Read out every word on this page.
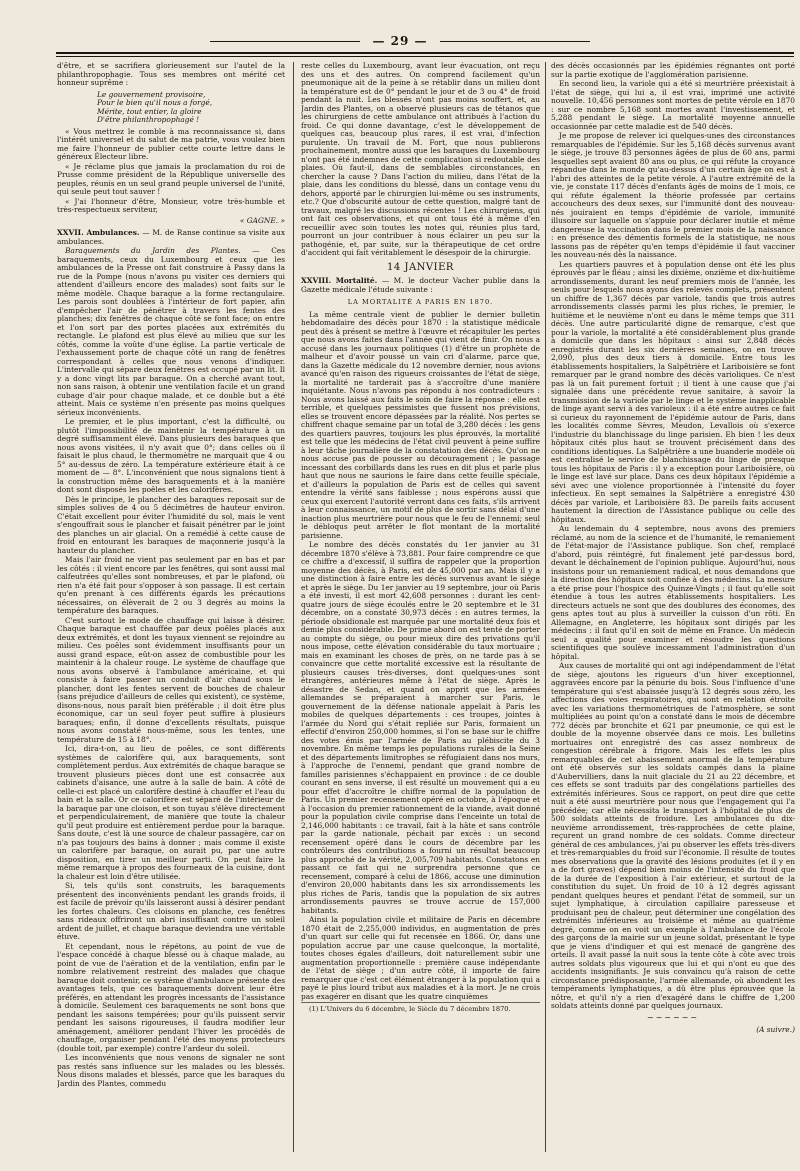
— 29 —

d'être, et se sacrifiera glorieusement sur l'autel de la philanthropophagie. Tous ses membres ont mérité cet honneur suprême :

Le gouvernement provisoire,
Pour le bien qu'il nous a forgé,
Mérite, tout entier, la gloire
D'être philanthropophagé !

« Vous mettrez le comble à ma reconnaissance si, dans l'intérêt universel et du salut de ma patrie, vous voulez bien me faire l'honneur de publier cette courte lettre dans le généreux Électeur libre.

« Je réclame plus que jamais la proclamation du roi de Prusse comme président de la République universelle des peuples, réunis en un seul grand peuple universel de l'unité, qui seule peut tout sauver !

« J'ai l'honneur d'être, Monsieur, votre très-humble et très-respectueux serviteur,

« GAGNE. »

XXVII. Ambulances. — M. de Ranse continue sa visite aux ambulances.

Baraquements du Jardin des Plantes. — Ces baraquements, ceux du Luxembourg et ceux que les ambulances de la Presse ont fait construire à Passy dans la rue de la Pompe (nous n'avons pu visiter ces derniers qui attendent d'ailleurs encore des malades) sont faits sur le même modèle. Chaque baraque a la forme rectangulaire. Les parois sont doublées à l'intérieur de fort papier, afin d'empêcher l'air de pénétrer à travers les fentes des planches; dix fenêtres de chaque côté se font face; on entre et l'on sort par des portes placées aux extrémités du rectangle. Le plafond est plus élevé au milieu que sur les côtés, comme la voûte d'une église. La partie verticale de l'exhaussement porte de chaque côté un rang de fenêtres correspondant à celles que nous venons d'indiquer. L'intervalle qui sépare deux fenêtres est occupé par un lit. Il y a donc vingt lits par baraque. On a cherché avant tout, non sans raison, à obtenir une ventilation facile et un grand cubage d'air pour chaque malade, et ce double but a été atteint. Mais ce système n'en présente pas moins quelques sérieux inconvénients.

Le premier, et le plus important, c'est la difficulté, ou plutôt l'impossibilité de maintenir la température à un degré suffisamment élevé. Dans plusieurs des baraques que nous avons visitées, il n'y avait que 0°; dans celles où il faisait le plus chaud, le thermomètre ne marquait que 4 ou 5° au-dessus de zéro. La température extérieure était à ce moment de — 8°. L'inconvénient que nous signalons tient à la construction même des baraquements et à la manière dont sont disposés les poêles et les calorifères.

Dès le principe, le plancher des baraques reposait sur de simples solives de 4 ou 5 décimètres de hauteur environ. C'était excellent pour éviter l'humidité du sol, mais le vent s'engouffrait sous le plancher et faisait pénétrer par le joint des planches un air glacial. On a remédié à cette cause de froid en entourant les baraques de maçonnerie jusqu'à la hauteur du plancher.

Mais l'air froid ne vient pas seulement par en bas et par les côtés : il vient encore par les fenêtres, qui sont aussi mal calfeutrées qu'elles sont nombreuses, et par le plafond, où rien n'a été fait pour s'opposer à son passage. Il est certain qu'en prenant à ces différents égards les précautions nécessaires, on élèverait de 2 ou 3 degrés au moins la température des baraques.

C'est surtout le mode de chauffage qui laisse à désirer. Chaque baraque est chauffée par deux poêles placés aux deux extrémités, et dont les tuyaux viennent se rejoindre au milieu. Ces poêles sont évidemment insuffisants pour un aussi grand espace, eût-on assez de combustible pour les maintenir à la chaleur rouge. Le système de chauffage que nous avons observé à l'ambulance américaine, et qui consiste à faire passer un conduit d'air chaud sous le plancher, dont les fentes servent de bouches de chaleur (sans préjudice d'ailleurs de celles qui existent), ce système, disons-nous, nous paraît bien préférable ; il doit être plus économique, car un seul foyer peut suffire à plusieurs baraques; enfin, il donne d'excellents résultats, puisque nous avons constaté nous-même, sous les tentes, une température de 15 à 18°.

Ici, dira-t-on, au lieu de poêles, ce sont différents systèmes de calorifère qui, aux baraquements, sont complètement perdus. Aux extrémités de chaque baraque se trouvent plusieurs pièces dont une est consacrée aux cabinets d'aisance, une autre à la salle de bain. A côté de celle-ci est placé un calorifère destiné à chauffer et l'eau du bain et la salle. Or ce calorifère est séparé de l'intérieur de la baraque par une cloison, et son tuyau s'élève directement et perpendiculairement, de manière que toute la chaleur qu'il peut produire est entièrement perdue pour la baraque. Sans doute, c'est là une source de chaleur passagère, car on n'a pas toujours des bains à donner ; mais comme il existe un calorifère par baraque, on aurait pu, par une autre disposition, en tirer un meilleur parti. On peut faire la même remarque à propos des fourneaux de la cuisine, dont la chaleur est loin d'être utilisée.

Si, tels qu'ils sont construits, les baraquements présentent des inconvénients pendant les grands froids, il est facile de prévoir qu'ils laisseront aussi à désirer pendant les fortes chaleurs. Ces cloisons en planche, ces fenêtres sans rideaux offriront un abri insuffisant contre un soleil ardent de juillet, et chaque baraque deviendra une véritable étuve.

Et cependant, nous le répétons, au point de vue de l'espace concédé à chaque blessé ou à chaque malade, au point de vue de l'aération et de la ventilation, enfin par le nombre relativement restreint des malades que chaque baraque doit contenir, ce système d'ambulance présente des avantages tels, que ces baraquements doivent leur être préférés, en attendant les progrès incessants de l'assistance à domicile. Seulement ces baraquements ne sont bons que pendant les saisons tempérées; pour qu'ils puissent servir pendant les saisons rigoureuses, il faudra modifier leur aménagement, améliorer pendant l'hiver les procédés de chauffage, organiser pendant l'été des moyens protecteurs (double toit, par exemple) contre l'ardeur du soleil.

Les inconvénients que nous venons de signaler ne sont pas restés sans influence sur les malades ou les blessés. Nous disons malades et blessés, parce que les baraques du Jardin des Plantes, commedu

reste celles du Luxembourg, avant leur évacuation, ont reçu des uns et des autres. On comprend facilement qu'un pneumonique ait de la peine à se rétablir dans un milieu dont la température est de 0° pendant le jour et de 3 ou 4° de froid pendant la nuit. Les blessés n'ont pas moins souffert, et, au Jardin des Plantes, on a observé plusieurs cas de tétanos que les chirurgiens de cette ambulance ont attribués à l'action du froid. Ce qui donne davantage, c'est le développement de quelques cas, beaucoup plus rares, il est vrai, d'infection purulente. Un travail de M. Fort, que nous publierons prochainement, montre aussi que les baraques du Luxembourg n'ont pas été indemnes de cette complication si redoutable des plaies. Où faut-il, dans de semblables circonstances, en chercher la cause ? Dans l'action du milieu, dans l'état de la plaie, dans les conditions du blessé, dans un contage venu du dehors, apporté par le chirurgien lui-même ou ses instruments, etc.? Que d'obscurité autour de cette question, malgré tant de travaux, malgré les discussions récentes ! Les chirurgiens, qui ont fait ces observations, et qui ont tous été à même d'en recueillir avec soin toutes les notes qui, réunies plus tard, pourront un jour contribuer à nous éclairer un peu sur la pathogénie, et, par suite, sur la thérapeutique de cet ordre d'accident qui fait véritablement le désespoir de la chirurgie.

14 JANVIER

XXVIII. Mortalité. — M. le docteur Vacher publie dans la Gazette médicale l'étude suivante :

LA MORTALITÉ A PARIS EN 1870.

La même centrale vient de publier le dernier bulletin hebdomadaire des décès pour 1870 : la statistique médicale peut dès à présent se mettre à l'œuvre et récapituler les pertes que nous avons faites dans l'année qui vient de finir. On nous a accusé dans les journaux politiques (1) d'être un prophète de malheur et d'avoir poussé un vain cri d'alarme, parce que, dans la Gazette médicale du 12 novembre dernier, nous avions avancé qu'en raison des rigueurs croissantes de l'état de siège, la mortalité ne tarderait pas à s'accroître d'une manière inquiétante. Nous n'avons pas répondu à nos contradicteurs : Nous avons laissé aux faits le soin de faire la réponse : elle est terrible, et quelques pessimistes que fussent nos prévisions, elles se trouvent encore dépassées par la réalité. Nos pertes se chiffrent chaque semaine par un total de 3,280 décès : les gens des quartiers pauvres, toujours les plus éprouvés, la mortalité est telle que les médecins de l'état civil peuvent à peine suffire à leur tâche journalière de la constatation des décès. Qu'on ne nous accuse pas de pousser au découragement ; le passage incessant des corbillards dans les rues en dit plus et parle plus haut que nous ne saurions le faire dans cette feuille spéciale, et d'ailleurs la population de Paris est de celles qui savent entendre la vérité sans faiblesse ; nous espérons aussi que ceux qui exercent l'autorité verront dans ces faits, s'ils arrivent à leur connaissance, un motif de plus de sortir sans délai d'une inaction plus meurtrière pour nous que le feu de l'ennemi; seul le débloqus peut arrêter le flot montant de la mortalité parisienne.

Le nombre des décès constatés du 1er janvier au 31 décembre 1870 s'élève à 73,881. Pour faire comprendre ce que ce chiffre a d'excessif, il suffira de rappeler que la proportion moyenne des décès, à Paris, est de 45,000 par an. Mais il y a une distinction à faire entre les décès survenus avant le siège et après le siège. Du 1er janvier au 19 septembre, jour où Paris a été investi, il est mort 42,608 personnes : durant les cent-quatre jours de siège écoulés entre le 20 septembre et le 31 décembre, on a constaté 30,973 décès : en autres termes, la période obsidionale est marquée par une mortalité deux fois et demie plus considérable. De prime abord on est tenté de porter au compte du siège, ou pour mieux dire des privations qu'il nous impose, cette élévation considérable du taux mortuaire ; mais en examinant les choses de près, on ne tarde pas à se convaincre que cette mortalité excessive est la résultante de plusieurs causes très-diverses, dont quelques-unes sont étrangères, antérieures même à l'état de siège. Après le désastre de Sedan, et quand on apprit que les armées allemandes se préparaient à marcher sur Paris, le gouvernement de la défense nationale appelait à Paris les mobiles de quelques départements : ces troupes, jointes à l'armée du Nord qui s'était repliée sur Paris, formaient un effectif d'environ 250,000 hommes, si l'on se base sur le chiffre des votes émis par l'armée de Paris au plébiscite du 3 novembre. En même temps les populations rurales de la Seine et des départements limitrophes se réfugiaient dans nos murs, à l'approche de l'ennemi, pendant que grand nombre de familles parisiennes s'échappaient en province : de ce double courant en sens inverse, il est résulté un mouvement qui a eu pour effet d'accroître le chiffre normal de la population de Paris. Un premier recensement opéré en octobre, à l'époque et à l'occasion du premier rationnement de la viande, avait donné pour la population civile comprise dans l'enceinte un total de 2,146,000 habitants : ce travail, fait à la hâte et sans contrôle par la garde nationale, péchait par excès : un second recensement opéré dans le cours de décembre par les contrôleurs des contributions a fourni un résultat beaucoup plus approché de la vérité, 2,005,709 habitants. Constatons en passant ce fait qui ne surprendra personne que ce recensement, comparé à celui de 1866, accuse une diminution d'environ 20,000 habitants dans les six arrondissements les plus riches de Paris, tandis que la population de six autres arrondissements pauvres se trouve accrue de 157,000 habitants.

Ainsi la population civile et militaire de Paris en décembre 1870 était de 2,255,000 individus, en augmentation de près d'un quart sur celle qui fut recensée en 1866. Or, dans une population accrue par une cause quelconque, la mortalité, toutes choses égales d'ailleurs, doit naturellement subir une augmentation proportionnelle : première cause indépendante de l'état de siège ; d'un autre côté, il importe de faire remarquer que c'est cet élément étranger à la population qui a payé le plus lourd tribut aux maladies et à la mort. Je ne crois pas exagérer en disant que les quatre cinquièmes

(1) L'Univers du 6 décembre, le Siècle du 7 décembre 1870.

des décès occasionnés par les épidémies régnantes ont porté sur la partie exotique de l'agglomération parisienne.

En second lieu, la variole qui a été si meurtrière préexistait à l'état de siège, qui lui a, il est vrai, imprimé une activité nouvelle. 10,456 personnes sont mortes de petite vérole en 1870 : sur ce nombre 5,168 sont mortes avant l'investissement, et 5,288 pendant le siège. La mortalité moyenne annuelle occasionnée par cette maladie est de 540 décès.

Je me propose de relever ici quelques-unes des circonstances remarquables de l'épidémie. Sur les 5,168 décès survenus avant le siège, je trouve 83 personnes âgées de plus de 60 ans, parmi lesquelles sept avaient 80 ans ou plus, ce qui réfute la croyance répandue dans le monde qu'au-dessus d'un certain âge on est à l'abri des atteintes de la petite vérole. A l'autre extrémité de la vie, je constate 117 décès d'enfants âgés de moins de 1 mois, ce qui réfute également la théorie professée par certains accoucheurs des deux sexes, sur l'immunité dont des nouveau-nés jouiraient en temps d'épidémie de variole, immunité illusoire sur laquelle on s'appuie pour déclarer inutile et même dangereuse la vaccination dans le premier mois de la naissance : en présence des démentis formels de la statistique, ne nous lassons pas de répéter qu'en temps d'épidémie il faut vacciner les nouveau-nés dès la naissance.

Les quartiers pauvres et à population dense ont été les plus éprouvés par le fléau ; ainsi les dixième, onzième et dix-huitième arrondissements, durant les neuf premiers mois de l'année, les seuls pour lesquels nous ayons des relevés complets, présentent un chiffre de 1,367 décès par variole, tandis que trois autres arrondissements classés parmi les plus riches, le premier, le huitième et le neuvième n'ont eu dans le même temps que 311 décès. Une autre particularité digne de remarque, c'est que pour la variole, la mortalité a été considérablement plus grande à domicile que dans les hôpitaux : ainsi sur 2,848 décès enregistrés durant les six dernières semaines, on en trouve 2,090, plus des deux tiers à domicile. Entre tous les établissements hospitaliers, la Salpêtrière et Lariboisière se font remarquer par le grand nombre des décès varioliques. Ce n'est pas là un fait purement fortuit ; il tient à une cause que j'ai signalée dans une précédente revue sanitaire, à savoir la transmission de la variole par le linge et le système inapplicable de linge ayant servi à des varioleux : il a été entre autres ce fait si curieux du rayonnement de l'épidémie autour de Paris, dans les localités comme Sèvres, Meudon, Levallois où s'exerce l'industrie du blanchissage du linge parisien. Eh bien ! les deux hôpitaux cités plus haut se trouvent précisément dans des conditions identiques. La Salpêtrière a une buanderie modèle où est centralisé le service de blanchissage du linge de presque tous les hôpitaux de Paris : il y a exception pour Lariboisière, où le linge est lavé sur place. Dans ces deux hôpitaux l'épidémie a sévi avec une violence proportionnée à l'intensité du foyer infectieux. En sept semaines la Salpêtrière a enregistré 430 décès par variole, et Lariboisière 83. De pareils faits accusent hautement la direction de l'Assistance publique ou celle des hôpitaux.

Au lendemain du 4 septembre, nous avons des premiers réclamé, au nom de la science et de l'humanité, le remaniement de l'état-major de l'Assistance publique. Son chef, remplacé d'abord, puis réintégré, fut finalement jeté par-dessus bord, devant le déchaînement de l'opinion publique. Aujourd'hui, nous insistons pour un remaniement radical, et nous demandons que la direction des hôpitaux soit confiée à des médecins. La mesure a été prise pour l'hospice des Quinze-Vingts ; il faut qu'elle soit étendue à tous les autres établissements hospitaliers. Les directeurs actuels ne sont que des doublures des économes, des gens aptes tout au plus à surveiller la cuisson d'un rôti. En Allemagne, en Angleterre, les hôpitaux sont dirigés par les médecins : il faut qu'il en soit de même en France. Un médecin seul a qualité pour examiner et résoudre les questions scientifiques que soulève incessamment l'administration d'un hôpital.

Aux causes de mortalité qui ont agi indépendamment de l'état de siège, ajoutons les rigueurs d'un hiver exceptionnel, aggravées encore par la pénurie du bois. Sous l'influence d'une température qui s'est abaissée jusqu'à 12 degrés sous zéro, les affections des voies respiratoires, qui sont en relation étroite avec les variations thermométriques de l'atmosphère, se sont multipliées au point qu'on a constaté dans le mois de décembre 772 décès par bronchite et 621 par pneumonie, ce qui est le double de la moyenne observée dans ce mois. Les bulletins mortuaires ont enregistré des cas assez nombreux de congestion cérébrale à frigore. Mais les effets les plus remarquables de cet abaissement anormal de la température ont été observés sur les soldats campés dans la plaine d'Aubervilliers, dans la nuit glaciale du 21 au 22 décembre, et ces effets se sont traduits par des congélations partielles des extrémités inférieures. Sous ce rapport, on peut dire que cette nuit a été aussi meurtrière pour nous que l'engagement qui l'a précédée; car elle nécessita le transport à l'hôpital de plus de 500 soldats atteints de froidure. Les ambulances du dix-neuvième arrondissement, très-rapprochées de cette plaine, reçurent un grand nombre de ces soldats. Comme directeur général de ces ambulances, j'ai pu observer les effets très-divers et très-remarquables du froid sur l'économie. Il résulte de toutes mes observations que la gravité des lésions produites (et il y en a de fort graves) dépend bien moins de l'intensité du froid que de la durée de l'exposition à l'air extérieur, et surtout de la constitution du sujet. Un froid de 10 à 12 degrés agissant pendant quelques heures et pendant l'état de sommeil, sur un sujet lymphatique, à circulation capillaire paresseuse et produisant peu de chaleur, peut déterminer une congélation des extrémités inférieures au troisième et même au quatrième degré, comme on en voit un exemple à l'ambulance de l'école des garçons de la mairie sur un jeune soldat, présentant le type que je viens d'indiquer et qui est menacé de gangrène des orteils. Il avait passé la nuit sous la tente côte à côte avec trois autres soldats plus vigoureux que lui et qui n'ont eu que des accidents insignifiants. Je suis convaincu qu'à raison de cette circonstance prédisposante, l'armée allemande, où abondent les tempéraments lymphatiques, a dû être plus éprouvée que la nôtre, et qu'il n'y a rien d'exagéré dans le chiffre de 1,200 soldats atteints donné par quelques journaux.

~~~~~~
(A suivre.)
